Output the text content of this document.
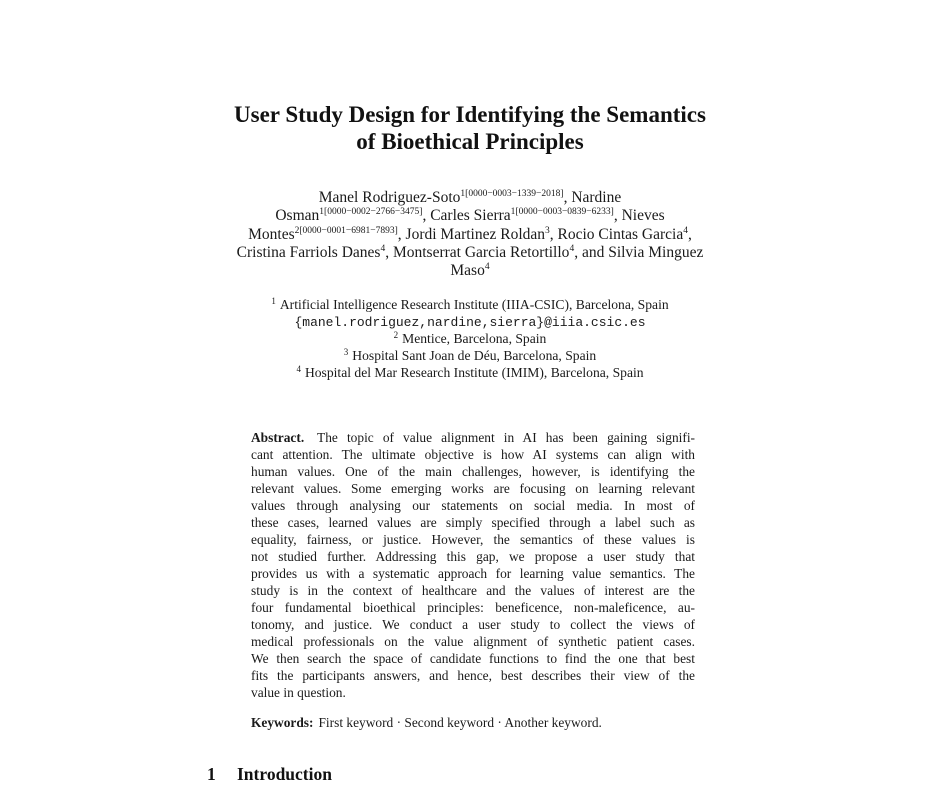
User Study Design for Identifying the Semantics
of Bioethical Principles
Manel Rodriguez-Soto$^{1[0000-0003-1339-2018]}$, Nardine
Osman$^{1[0000-0002-2766-3475]}$, Carles Sierra$^{1[0000-0003-0839-6233]}$, Nieves
Montes$^{2[0000-0001-6981-7893]}$, Jordi Martinez Roldan$^3$, Rocio Cintas Garcia$^4$,
Cristina Farriols Danes$^4$, Montserrat Garcia Retortillo$^4$, and Silvia Minguez
Maso$^4$
$^1$ Artificial Intelligence Research Institute (IIIA-CSIC), Barcelona, Spain
{manel.rodriguez,nardine,sierra}@iiia.csic.es
$^2$ Mentice, Barcelona, Spain
$^3$ Hospital Sant Joan de Déu, Barcelona, Spain
$^4$ Hospital del Mar Research Institute (IMIM), Barcelona, Spain
Abstract. The topic of value alignment in AI has been gaining signifi-
cant attention. The ultimate objective is how AI systems can align with
human values. One of the main challenges, however, is identifying the
relevant values. Some emerging works are focusing on learning relevant
values through analysing our statements on social media. In most of
these cases, learned values are simply specified through a label such as
equality, fairness, or justice. However, the semantics of these values is
not studied further. Addressing this gap, we propose a user study that
provides us with a systematic approach for learning value semantics. The
study is in the context of healthcare and the values of interest are the
four fundamental bioethical principles: beneficence, non-maleficence, au-
tonomy, and justice. We conduct a user study to collect the views of
medical professionals on the value alignment of synthetic patient cases.
We then search the space of candidate functions to find the one that best
fits the participants answers, and hence, best describes their view of the
value in question.
Keywords: First keyword · Second keyword · Another keyword.
1 Introduction
